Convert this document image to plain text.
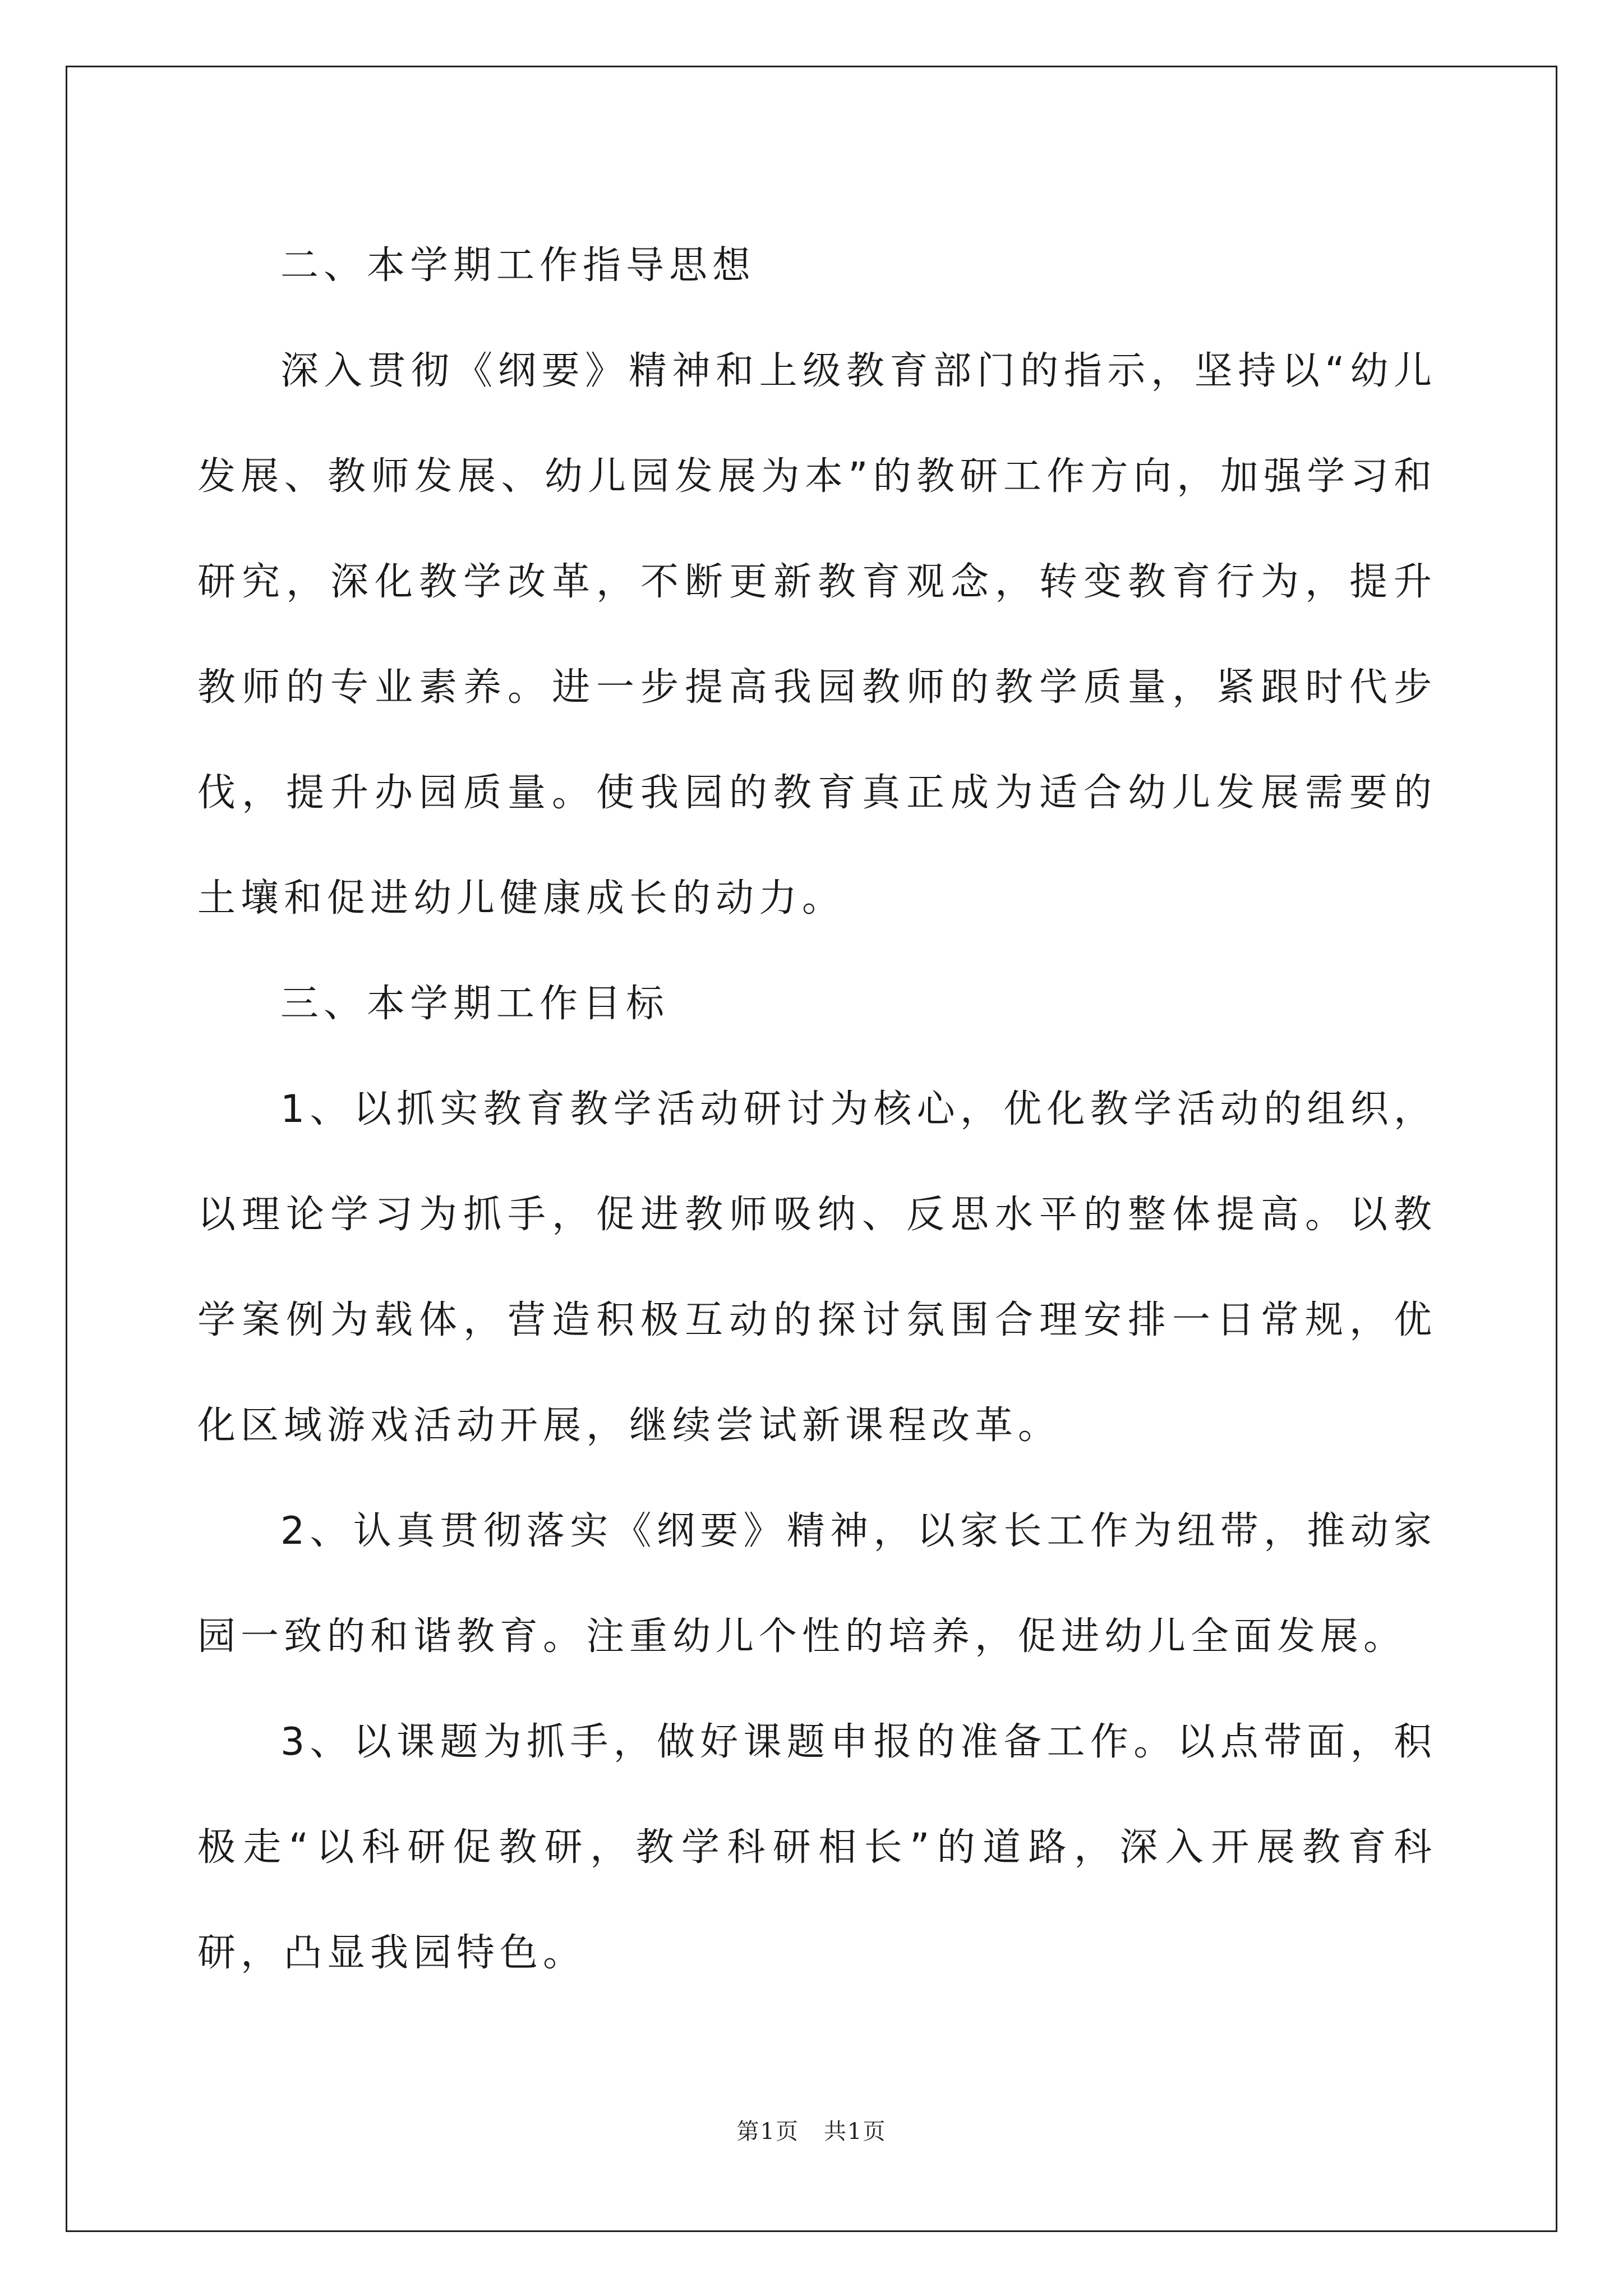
二、本学期工作指导思想

深入贯彻《纲要》精神和上级教育部门的指示，坚持以“幼儿发展、教师发展、幼儿园发展为本”的教研工作方向，加强学习和研究，深化教学改革，不断更新教育观念，转变教育行为，提升教师的专业素养。进一步提高我园教师的教学质量，紧跟时代步伐，提升办园质量。使我园的教育真正成为适合幼儿发展需要的土壤和促进幼儿健康成长的动力。

三、本学期工作目标

1、以抓实教育教学活动研讨为核心，优化教学活动的组织，以理论学习为抓手，促进教师吸纳、反思水平的整体提高。以教学案例为载体，营造积极互动的探讨氛围合理安排一日常规，优化区域游戏活动开展，继续尝试新课程改革。

2、认真贯彻落实《纲要》精神，以家长工作为纽带，推动家园一致的和谐教育。注重幼儿个性的培养，促进幼儿全面发展。

3、以课题为抓手，做好课题申报的准备工作。以点带面，积极走“以科研促教研，教学科研相长”的道路，深入开展教育科研，凸显我园特色。

第1页 共1页
